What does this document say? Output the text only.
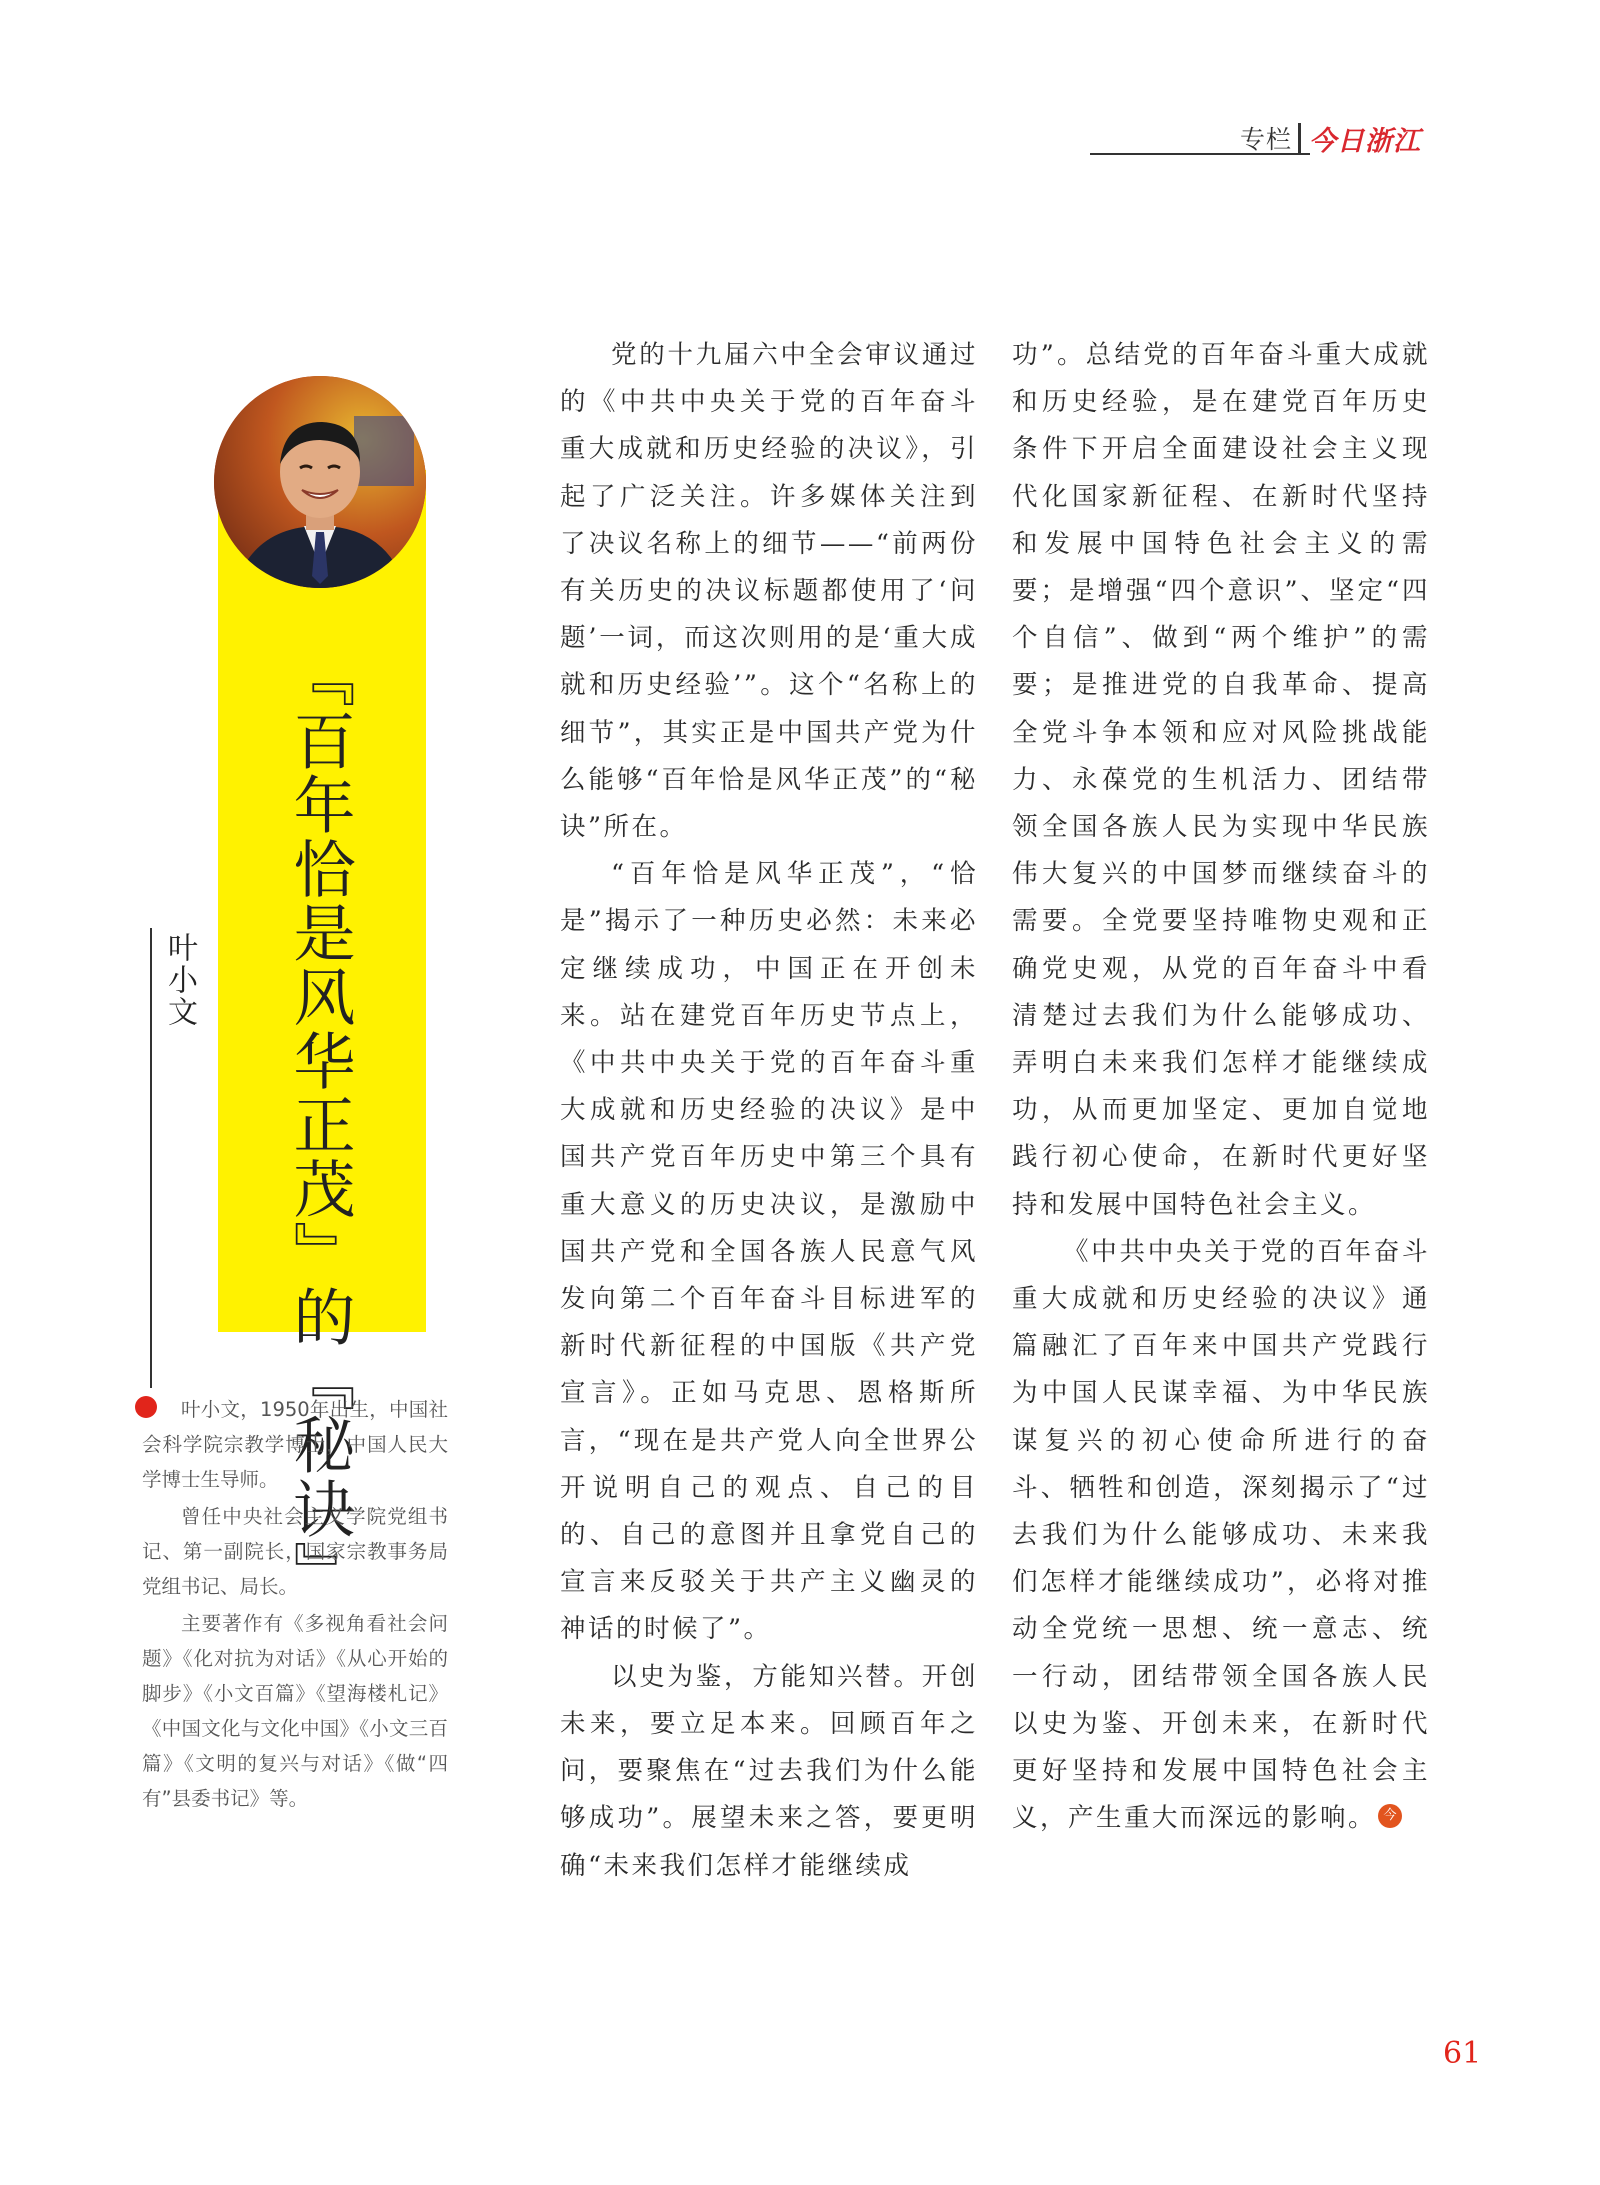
专栏 今日浙江
『百年恰是风华正茂』的『秘诀』
叶小文

叶小文，1950年出生，中国社会科学院宗教学博士，中国人民大学博士生导师。

曾任中央社会主义学院党组书记、第一副院长，国家宗教事务局党组书记、局长。

主要著作有《多视角看社会问题》《化对抗为对话》《从心开始的脚步》《小文百篇》《望海楼札记》《中国文化与文化中国》《小文三百篇》《文明的复兴与对话》《做“四有”县委书记》等。

党的十九届六中全会审议通过的《中共中央关于党的百年奋斗重大成就和历史经验的决议》，引起了广泛关注。许多媒体关注到了决议名称上的细节——“前两份有关历史的决议标题都使用了‘问题’一词，而这次则用的是‘重大成就和历史经验’”。这个“名称上的细节”，其实正是中国共产党为什么能够“百年恰是风华正茂”的“秘诀”所在。

“百年恰是风华正茂”，“恰是”揭示了一种历史必然：未来必定继续成功，中国正在开创未来。站在建党百年历史节点上，《中共中央关于党的百年奋斗重大成就和历史经验的决议》是中国共产党百年历史中第三个具有重大意义的历史决议，是激励中国共产党和全国各族人民意气风发向第二个百年奋斗目标进军的新时代新征程的中国版《共产党宣言》。正如马克思、恩格斯所言，“现在是共产党人向全世界公开说明自己的观点、自己的目的、自己的意图并且拿党自己的宣言来反驳关于共产主义幽灵的神话的时候了”。

以史为鉴，方能知兴替。开创未来，要立足本来。回顾百年之问，要聚焦在“过去我们为什么能够成功”。展望未来之答，要更明确“未来我们怎样才能继续成

功”。总结党的百年奋斗重大成就和历史经验，是在建党百年历史条件下开启全面建设社会主义现代化国家新征程、在新时代坚持和发展中国特色社会主义的需要；是增强“四个意识”、坚定“四个自信”、做到“两个维护”的需要；是推进党的自我革命、提高全党斗争本领和应对风险挑战能力、永葆党的生机活力、团结带领全国各族人民为实现中华民族伟大复兴的中国梦而继续奋斗的需要。全党要坚持唯物史观和正确党史观，从党的百年奋斗中看清楚过去我们为什么能够成功、弄明白未来我们怎样才能继续成功，从而更加坚定、更加自觉地践行初心使命，在新时代更好坚持和发展中国特色社会主义。

《中共中央关于党的百年奋斗重大成就和历史经验的决议》通篇融汇了百年来中国共产党践行为中国人民谋幸福、为中华民族谋复兴的初心使命所进行的奋斗、牺牲和创造，深刻揭示了“过去我们为什么能够成功、未来我们怎样才能继续成功”，必将对推动全党统一思想、统一意志、统一行动，团结带领全国各族人民以史为鉴、开创未来，在新时代更好坚持和发展中国特色社会主义，产生重大而深远的影响。 今

61
